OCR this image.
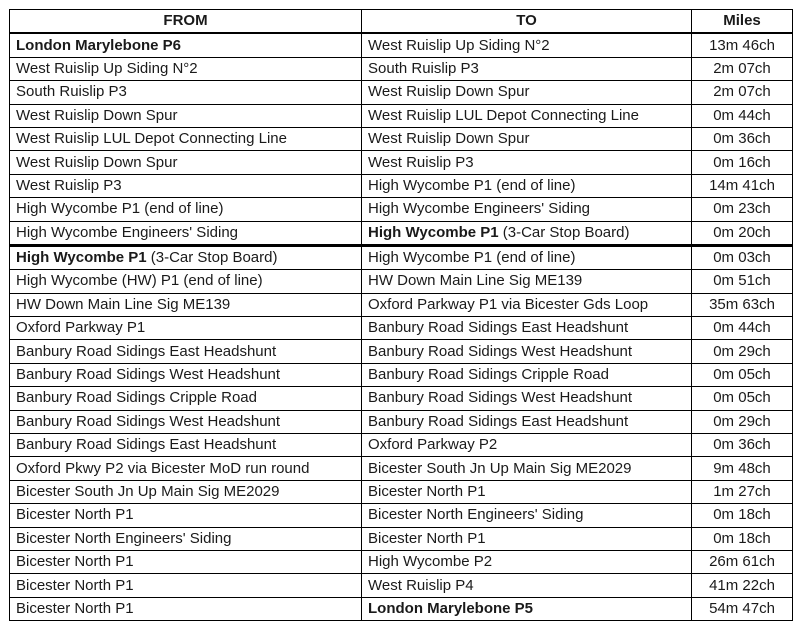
FROM	TO	Miles
London Marylebone P6	West Ruislip Up Siding N°2	13m 46ch
West Ruislip Up Siding N°2	South Ruislip P3	2m 07ch
South Ruislip P3	West Ruislip Down Spur	2m 07ch
West Ruislip Down Spur	West Ruislip LUL Depot Connecting Line	0m 44ch
West Ruislip LUL Depot Connecting Line	West Ruislip Down Spur	0m 36ch
West Ruislip Down Spur	West Ruislip P3	0m 16ch
West Ruislip P3	High Wycombe P1 (end of line)	14m 41ch
High Wycombe P1 (end of line)	High Wycombe Engineers' Siding	0m 23ch
High Wycombe Engineers' Siding	High Wycombe P1 (3-Car Stop Board)	0m 20ch
High Wycombe P1 (3-Car Stop Board)	High Wycombe P1 (end of line)	0m 03ch
High Wycombe (HW) P1 (end of line)	HW Down Main Line Sig ME139	0m 51ch
HW Down Main Line Sig ME139	Oxford Parkway P1 via Bicester Gds Loop	35m 63ch
Oxford Parkway P1	Banbury Road Sidings East Headshunt	0m 44ch
Banbury Road Sidings East Headshunt	Banbury Road Sidings West Headshunt	0m 29ch
Banbury Road Sidings West Headshunt	Banbury Road Sidings Cripple Road	0m 05ch
Banbury Road Sidings Cripple Road	Banbury Road Sidings West Headshunt	0m 05ch
Banbury Road Sidings West Headshunt	Banbury Road Sidings East Headshunt	0m 29ch
Banbury Road Sidings East Headshunt	Oxford Parkway P2	0m 36ch
Oxford Pkwy P2 via Bicester MoD run round	Bicester South Jn Up Main Sig ME2029	9m 48ch
Bicester South Jn Up Main Sig ME2029	Bicester North P1	1m 27ch
Bicester North P1	Bicester North Engineers' Siding	0m 18ch
Bicester North Engineers' Siding	Bicester North P1	0m 18ch
Bicester North P1	High Wycombe P2	26m 61ch
Bicester North P1	West Ruislip P4	41m 22ch
Bicester North P1	London Marylebone P5	54m 47ch
